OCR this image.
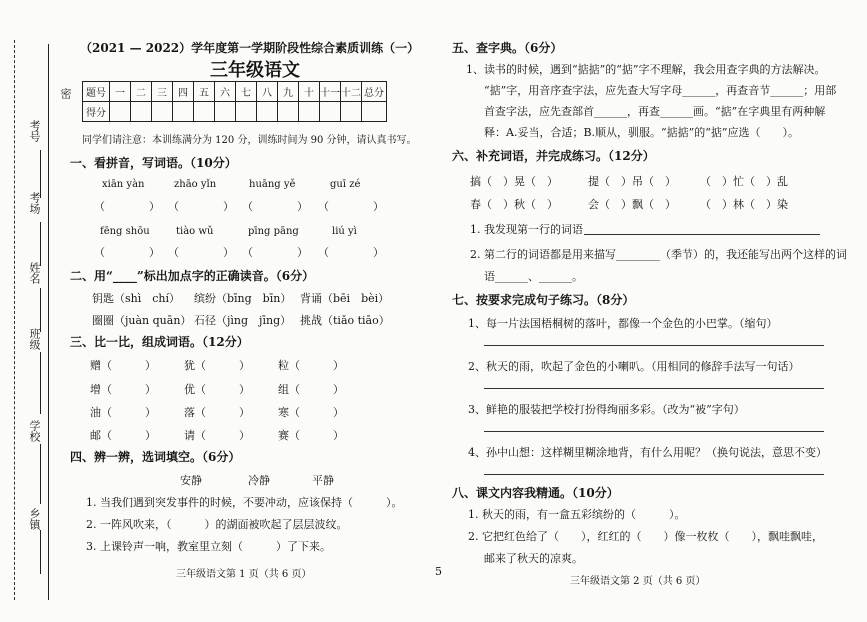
密
考号
考场
姓名
班级
学校
乡镇
（2021 — 2022）学年度第一学期阶段性综合素质训练（一）
三年级语文
题号	一	二	三	四	五	六	七	八	九	十	十一	十二	总分
得分													
同学们请注意：本训练满分为 120 分，训练时间为 90 分钟，请认真书写。
一、看拼音，写词语。（10分）
xiān yàn	zhāo yǐn	huāng yě	guī zé
（　　　　） （　　　　） （　　　　） （　　　　）
fēng shōu	tiào wǔ	pīng pāng	liú yì
（　　　　） （　　　　） （　　　　） （　　　　）
二、用“____”标出加点字的正确读音。（6分）
钥匙（shì　chí） 缤纷（bīng　bīn） 背诵（bēi　bèi）
圈圈（juàn quān） 石径（jìng　jīng） 挑战（tiǎo tiāo）
三、比一比，组成词语。（12分）
赠（　　　）	犹（　　　）	粒（　　　）
增（　　　）	优（　　　）	组（　　　）
油（　　　）	落（　　　）	寒（　　　）
邮（　　　）	请（　　　）	赛（　　　）
四、辨一辨，选词填空。（6分）
安静	冷静	平静
1. 当我们遇到突发事件的时候，不要冲动，应该保持（　　　）。
2. 一阵风吹来，（　　　）的湖面被吹起了层层波纹。
3. 上课铃声一响，教室里立刻（　　　）了下来。
三年级语文第 1 页（共 6 页）	5
五、查字典。（6分）
1、读书的时候，遇到“掂掂”的“掂”字不理解，我会用查字典的方法解决。
“掂”字，用音序查字法，应先查大写字母______，再查音节______；用部
首查字法，应先查部首______，再查______画。“掂”在字典里有两种解
释：A.妥当，合适；B.顺从，驯服。“掂掂”的“掂”应选（　　）。
六、补充词语，并完成练习。（12分）
搞（　）晃（　）	提（　）吊（　） （　）忙（　）乱
春（　）秋（　）	会（　）飘（　） （　）林（　）染
1. 我发现第一行的词语
2. 第二行的词语都是用来描写________（季节）的，我还能写出两个这样的词
语______、______。
七、按要求完成句子练习。（8分）
1、每一片法国梧桐树的落叶，都像一个金色的小巴掌。（缩句）
2、秋天的雨，吹起了金色的小喇叭。（用相同的修辞手法写一句话）
3、鲜艳的服装把学校打扮得绚丽多彩。（改为“被”字句）
4、孙中山想：这样糊里糊涂地背，有什么用呢？（换句说法，意思不变）
八、课文内容我精通。（10分）
1. 秋天的雨，有一盒五彩缤纷的（　　　）。
2. 它把红色给了（　　），红红的（　　）像一枚枚（　　），飘哇飘哇，
邮来了秋天的凉爽。
三年级语文第 2 页（共 6 页）
